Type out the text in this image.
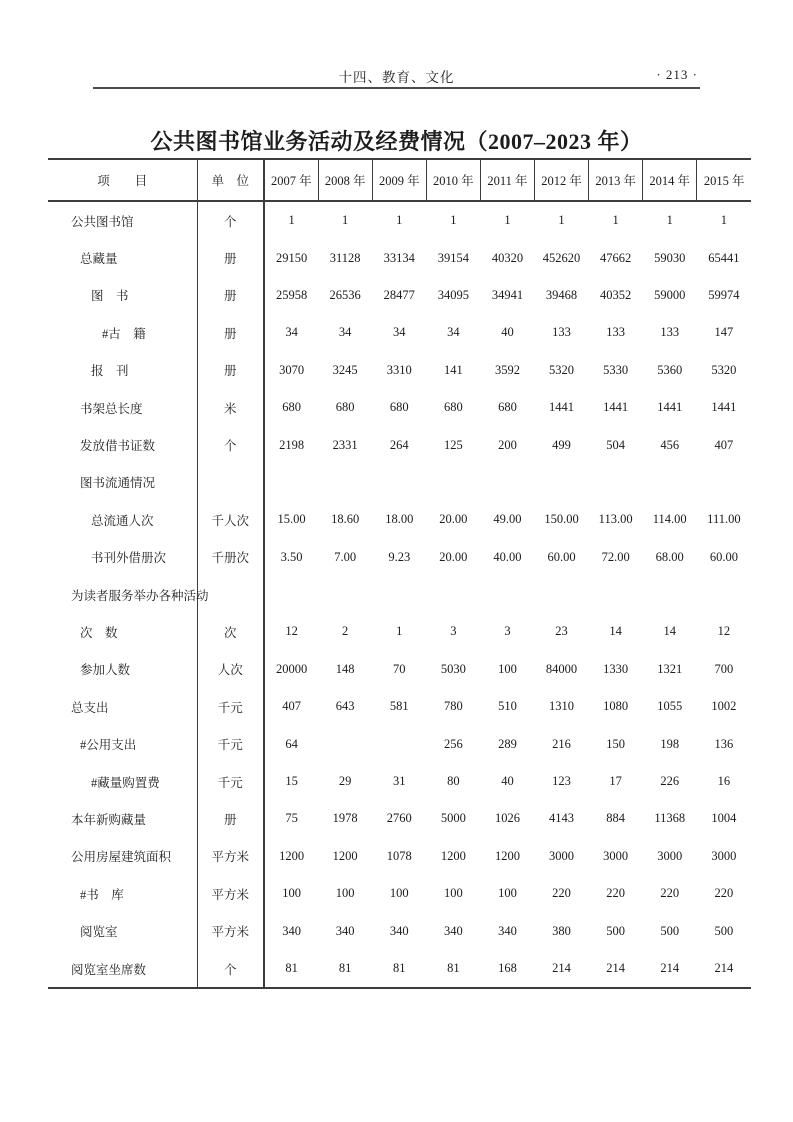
十四、教育、文化	· 213 ·
公共图书馆业务活动及经费情况（2007–2023 年）
项　　目	单　位	2007 年	2008 年	2009 年	2010 年	2011 年	2012 年	2013 年	2014 年	2015 年
公共图书馆	个	1	1	1	1	1	1	1	1	1
总藏量	册	29150	31128	33134	39154	40320	452620	47662	59030	65441
图　书	册	25958	26536	28477	34095	34941	39468	40352	59000	59974
#古　籍	册	34	34	34	34	40	133	133	133	147
报　刊	册	3070	3245	3310	141	3592	5320	5330	5360	5320
书架总长度	米	680	680	680	680	680	1441	1441	1441	1441
发放借书证数	个	2198	2331	264	125	200	499	504	456	407
图书流通情况										
总流通人次	千人次	15.00	18.60	18.00	20.00	49.00	150.00	113.00	114.00	111.00
书刊外借册次	千册次	3.50	7.00	9.23	20.00	40.00	60.00	72.00	68.00	60.00
为读者服务举办各种活动										
次　数	次	12	2	1	3	3	23	14	14	12
参加人数	人次	20000	148	70	5030	100	84000	1330	1321	700
总支出	千元	407	643	581	780	510	1310	1080	1055	1002
#公用支出	千元	64			256	289	216	150	198	136
#藏量购置费	千元	15	29	31	80	40	123	17	226	16
本年新购藏量	册	75	1978	2760	5000	1026	4143	884	11368	1004
公用房屋建筑面积	平方米	1200	1200	1078	1200	1200	3000	3000	3000	3000
#书　库	平方米	100	100	100	100	100	220	220	220	220
阅览室	平方米	340	340	340	340	340	380	500	500	500
阅览室坐席数	个	81	81	81	81	168	214	214	214	214
